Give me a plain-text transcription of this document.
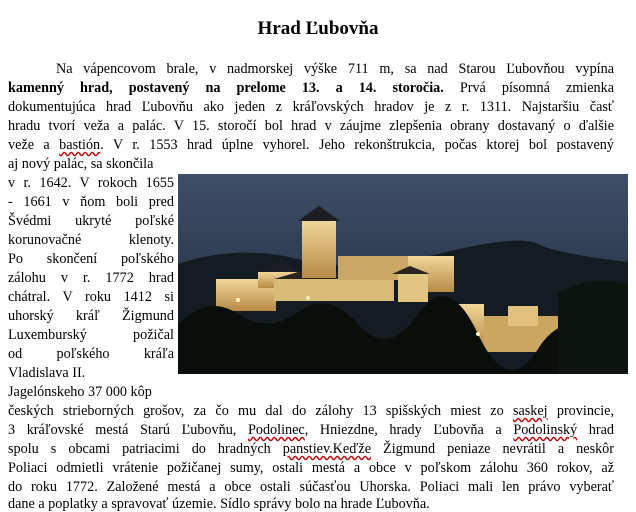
Hrad Ľubovňa
Na vápencovom brale, v nadmorskej výške 711 m, sa nad Starou Ľubovňou vypína
kamenný hrad, postavený na prelome 13. a 14. storočia. Prvá písomná zmienka
dokumentujúca hrad Ľubovňu ako jeden z kráľovských hradov je z r. 1311. Najstaršiu časť
hradu tvorí veža a palác. V 15. storočí bol hrad v záujme zlepšenia obrany dostavaný o ďalšie
veže a bastión. V r. 1553 hrad úplne vyhorel. Jeho rekonštrukcia, počas ktorej bol postavený
aj nový palác, sa skončila
v r. 1642. V rokoch 1655
- 1661 v ňom boli pred
Švédmi ukryté poľské
korunovačné klenoty.
Po skončení poľského
zálohu v r. 1772 hrad
chátral. V roku 1412 si
uhorský kráľ Žigmund
Luxemburský požičal
od poľského kráľa
Vladislava II.
Jagelónskeho 37 000 kôp
českých strieborných grošov, za čo mu dal do zálohy 13 spišských miest zo saskej provincie,
3 kráľovské mestá Starú Ľubovňu, Podolinec, Hniezdne, hrady Ľubovňa a Podolinský hrad
spolu s obcami patriacimi do hradných panstiev.Keďže Žigmund peniaze nevrátil a neskôr
Poliaci odmietli vrátenie požičanej sumy, ostali mestá a obce v poľskom zálohu 360 rokov, až
do roku 1772. Založené mestá a obce ostali súčasťou Uhorska. Poliaci mali len právo vyberať
dane a poplatky a spravovať územie. Sídlo správy bolo na hrade Ľubovňa.
